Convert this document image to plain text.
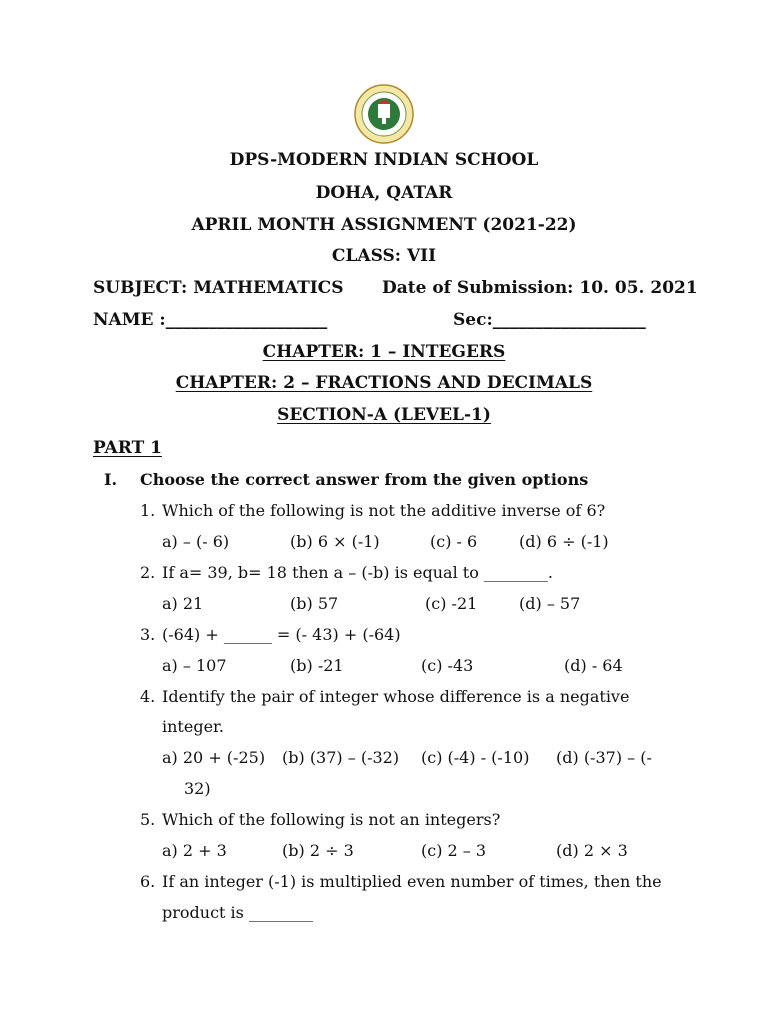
DPS-MODERN INDIAN SCHOOL
DOHA, QATAR
APRIL MONTH ASSIGNMENT (2021-22)
CLASS: VII
SUBJECT: MATHEMATICS Date of Submission: 10. 05. 2021
NAME :___________________	Sec:__________________
CHAPTER: 1 – INTEGERS
CHAPTER: 2 – FRACTIONS AND DECIMALS
SECTION-A (LEVEL-1)
PART 1
I. Choose the correct answer from the given options
1. Which of the following is not the additive inverse of 6?
a) – (- 6)	(b) 6 × (-1)	(c) - 6	(d) 6 ÷ (-1)
2. If a= 39, b= 18 then a – (-b) is equal to ________.
a) 21	(b) 57	(c) -21	(d) – 57
3. (-64) + ______ = (- 43) + (-64)
a) – 107	(b) -21	(c) -43	(d) - 64
4. Identify the pair of integer whose difference is a negative
integer.
a) 20 + (-25) (b) (37) – (-32) (c) (-4) - (-10) (d) (-37) – (-
32)
5. Which of the following is not an integers?
a) 2 + 3	(b) 2 ÷ 3	(c) 2 – 3	(d) 2 × 3
6. If an integer (-1) is multiplied even number of times, then the
product is ________
